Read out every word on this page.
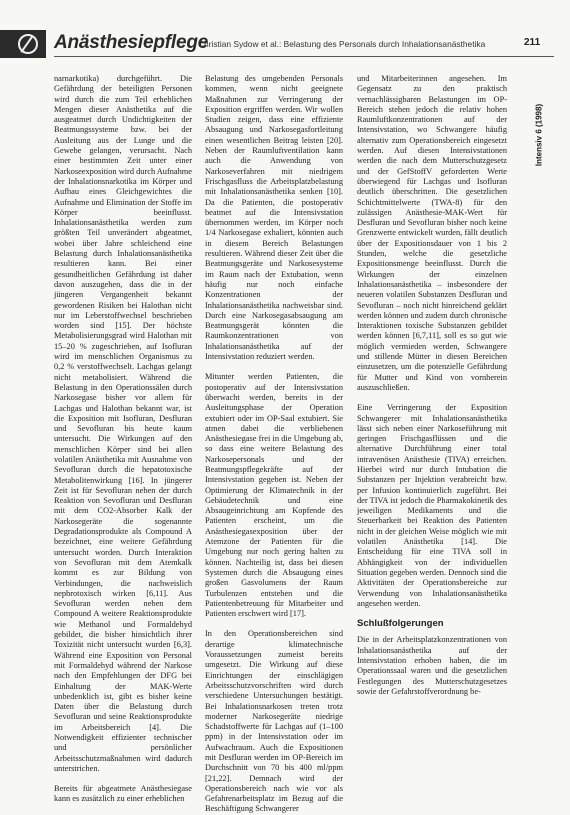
Anästhesiepflege
Christian Sydow et al.: Belastung des Personals durch Inhalationsanästhetika	211
Intensiv 6 (1998)

narnarkotika) durchgeführt. Die Gefährdung der beteiligten Personen wird durch die zum Teil erheblichen Mengen dieser Anästhetika auf die ausgeatmet durch Undichtigkeiten der Beatmungssysteme bzw. bei der Ausleitung aus der Lunge und die Gewebe gelangen, verursacht. Nach einer bestimmten Zeit unter einer Narkoseexposition wird durch Aufnahme der Inhalationsnarkotika im Körper und Aufbau eines Gleichgewichtes die Aufnahme und Elimination der Stoffe im Körper beeinflusst. Inhalationsanästhetika werden zum größten Teil unverändert abgeatmet, wobei über Jahre schleichend eine Belastung durch Inhalationsanästhetika resultieren kann. Bei einer gesundheitlichen Gefährdung ist daher davon auszugehen, dass die in der jüngeren Vergangenheit bekannt gewordenen Risiken bei Halothan nicht nur im Leberstoffwechsel beschrieben worden sind [15]. Der höchste Metabolisierungsgrad wird Halothan mit 15–20 % zugeschrieben, auf Isofluran wird im menschlichen Organismus zu 0,2 % verstoffwechselt. Lachgas gelangt nicht metabolisiert. Während die Belastung in den Operationssälen durch Narkosegase bisher vor allem für Lachgas und Halothan bekannt war, ist die Exposition mit Isofluran, Desfluran und Sevofluran bis heute kaum untersucht. Die Wirkungen auf den menschlichen Körper sind bei allen volatilen Anästhetika mit Ausnahme von Sevofluran durch die hepatotoxische Metabolitenwirkung [16]. In jüngerer Zeit ist für Sevofluran neben der durch Reaktion von Sevofluran und Desfluran mit dem CO2-Absorber Kalk der Narkosegeräte die sogenannte Degradationsprodukte als Compound A bezeichnet, eine weitere Gefährdung untersucht worden. Durch Interaktion von Sevofluran mit dem Atemkalk kommt es zur Bildung von Verbindungen, die nachweislich nephrotoxisch wirken [6,11]. Aus Sevofluran werden neben dem Compound A weitere Reaktionsprodukte wie Methanol und Formaldehyd gebildet, die bisher hinsichtlich ihrer Toxizität nicht untersucht wurden [6,3]. Während eine Exposition von Personal mit Formaldehyd während der Narkose nach den Empfehlungen der DFG bei Einhaltung der MAK-Werte unbedenklich ist, gibt es bisher keine Daten über die Belastung durch Sevofluran und seine Reaktionsprodukte im Arbeitsbereich [4]. Die Notwendigkeit effizienter technischer und persönlicher Arbeitsschutzmaßnahmen wird dadurch unterstrichen.

Bereits für abgeatmete Anästhesiegase kann es zusätzlich zu einer erheblichen

Belastung des umgebenden Personals kommen, wenn nicht geeignete Maßnahmen zur Verringerung der Exposition ergriffen werden. Wir wollen Studien zeigen, dass eine effiziente Absaugung und Narkosegasfortleitung einen wesentlichen Beitrag leisten [20]. Neben der Raumluftventilation kann auch die Anwendung von Narkoseverfahren mit niedrigem Frischgasfluss die Arbeitsplatzbelastung mit Inhalationsanästhetika senken [10]. Da die Patienten, die postoperativ beatmet auf die Intensivstation übernommen werden, im Körper noch 1/4 Narkosegase exhaliert, könnten auch in diesem Bereich Belastungen resultieren. Während dieser Zeit über die Beatmungsgeräte und Narkosesysteme im Raum nach der Extubation, wenn häufig nur noch einfache Konzentrationen der Inhalationsanästhetika nachweisbar sind. Durch eine Narkosegasabsaugung am Beatmungsgerät könnten die Raumkonzentrationen von Inhalationsanästhetika auf der Intensivstation reduziert werden.

Mitunter werden Patienten, die postoperativ auf der Intensivstation überwacht werden, bereits in der Ausleitungsphase der Operation extubiert oder im OP-Saal extubiert. Sie atmen dabei die verbliebenen Anästhesiegase frei in die Umgebung ab, so dass eine weitere Belastung des Narkosepersonals und der Beatmungspflegekräfte auf der Intensivstation gegeben ist. Neben der Optimierung der Klimatechnik in der Gebäudetechnik und eine Absaugeinrichtung am Kopfende des Patienten erscheint, um die Anästhesiegasexposition über der Atemzone der Patienten für die Umgebung nur noch gering halten zu können. Nachteilig ist, dass bei diesen Systemen durch die Absaugung eines großen Gasvolumens der Raum Turbulenzen entstehen und die Patientenbetreuung für Mitarbeiter und Patienten erschwert wird [17].

In den Operationsbereichen sind derartige klimatechnische Voraussetzungen zumeist bereits umgesetzt. Die Wirkung auf diese Einrichtungen der einschlägigen Arbeitsschutzvorschriften wird durch verschiedene Untersuchungen bestätigt. Bei Inhalationsnarkosen treten trotz moderner Narkosegeräte niedrige Schadstoffwerte für Lachgas auf (1–100 ppm) in der Intensivstation oder im Aufwachraum. Auch die Expositionen mit Desfluran werden im OP-Bereich im Durchschnitt von 70 bis 400 ml/ppm [21,22]. Demnach wird der Operationsbereich nach wie vor als Gefahrenarbeitsplatz im Bezug auf die Beschäftigung Schwangerer

und Mitarbeiterinnen angesehen. Im Gegensatz zu den praktisch vernachlässigbaren Belastungen im OP-Bereich stehen jedoch die relativ hohen Raumluftkonzentrationen auf der Intensivstation, wo Schwangere häufig alternativ zum Operationsbereich eingesetzt werden. Auf diesen Intensivstationen werden die nach dem Mutterschutzgesetz und der GefStoffV geforderten Werte überwiegend für Lachgas und Isofluran deutlich überschritten. Die gesetzlichen Schichtmittelwerte (TWA-8) für den zulässigen Anästhesie-MAK-Wert für Desfluran und Sevofluran bisher noch keine Grenzwerte entwickelt wurden, fällt deutlich über der Expositionsdauer von 1 bis 2 Stunden, welche die gesetzliche Expositionsmenge beeinflusst. Durch die Wirkungen der einzelnen Inhalationsanästhetika – insbesondere der neueren volatilen Substanzen Desfluran und Sevofluran – noch nicht hinreichend geklärt werden können und zudem durch chronische Interaktionen toxische Substanzen gebildet werden können [6,7,11], soll es so gut wie möglich vermieden werden, Schwangere und stillende Mütter in diesen Bereichen einzusetzen, um die potenzielle Gefährdung für Mutter und Kind von vornherein auszuschließen.

Eine Verringerung der Exposition Schwangerer mit Inhalationsanästhetika lässt sich neben einer Narkoseführung mit geringen Frischgasflüssen und die alternative Durchführung einer total intravenösen Anästhesie (TIVA) erreichen. Hierbei wird nur durch Intubation die Substanzen per Injektion verabreicht bzw. per Infusion kontinuierlich zugeführt. Bei der TIVA ist jedoch die Pharmakokinetik des jeweiligen Medikaments und die Steuerbarkeit bei Reaktion des Patienten nicht in der gleichen Weise möglich wie mit volatilen Anästhetika [14]. Die Entscheidung für eine TIVA soll in Abhängigkeit von der individuellen Situation gegeben werden. Dennoch sind die Aktivitäten der Operationsbereiche zur Verwendung von Inhalationsanästhetika angesehen werden.

Schlußfolgerungen

Die in der Arbeitsplatzkonzentrationen von Inhalationsanästhetika auf der Intensivstation erhoben haben, die im Operationssaal waren und die gesetzlichen Festlegungen des Mutterschutzgesetzes sowie der Gefahrstoffverordnung be-
